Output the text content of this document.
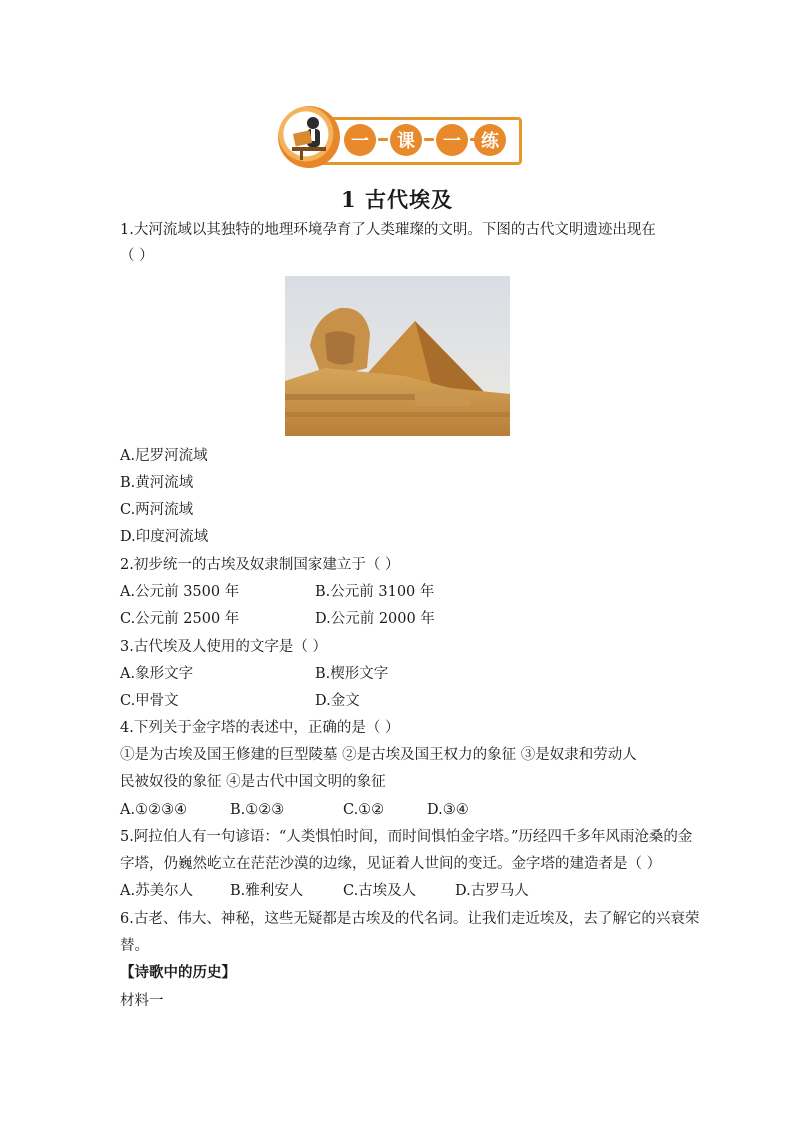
一	课	一	练
1 古代埃及
1.大河流域以其独特的地理环境孕育了人类璀璨的文明。下图的古代文明遗迹出现在
（ ）
A.尼罗河流域
B.黄河流域
C.两河流域
D.印度河流域
2.初步统一的古埃及奴隶制国家建立于（ ）
A.公元前 3500 年	B.公元前 3100 年
C.公元前 2500 年	D.公元前 2000 年
3.古代埃及人使用的文字是（ ）
A.象形文字	B.楔形文字
C.甲骨文	D.金文
4.下列关于金字塔的表述中，正确的是（ ）
①是为古埃及国王修建的巨型陵墓 ②是古埃及国王权力的象征 ③是奴隶和劳动人
民被奴役的象征 ④是古代中国文明的象征
A.①②③④	B.①②③	C.①②	D.③④
5.阿拉伯人有一句谚语：“人类惧怕时间，而时间惧怕金字塔。”历经四千多年风雨沧桑的金
字塔，仍巍然屹立在茫茫沙漠的边缘，见证着人世间的变迁。金字塔的建造者是（ ）
A.苏美尔人	B.雅利安人	C.古埃及人	D.古罗马人
6.古老、伟大、神秘，这些无疑都是古埃及的代名词。让我们走近埃及，去了解它的兴衰荣
替。
【诗歌中的历史】
材料一
